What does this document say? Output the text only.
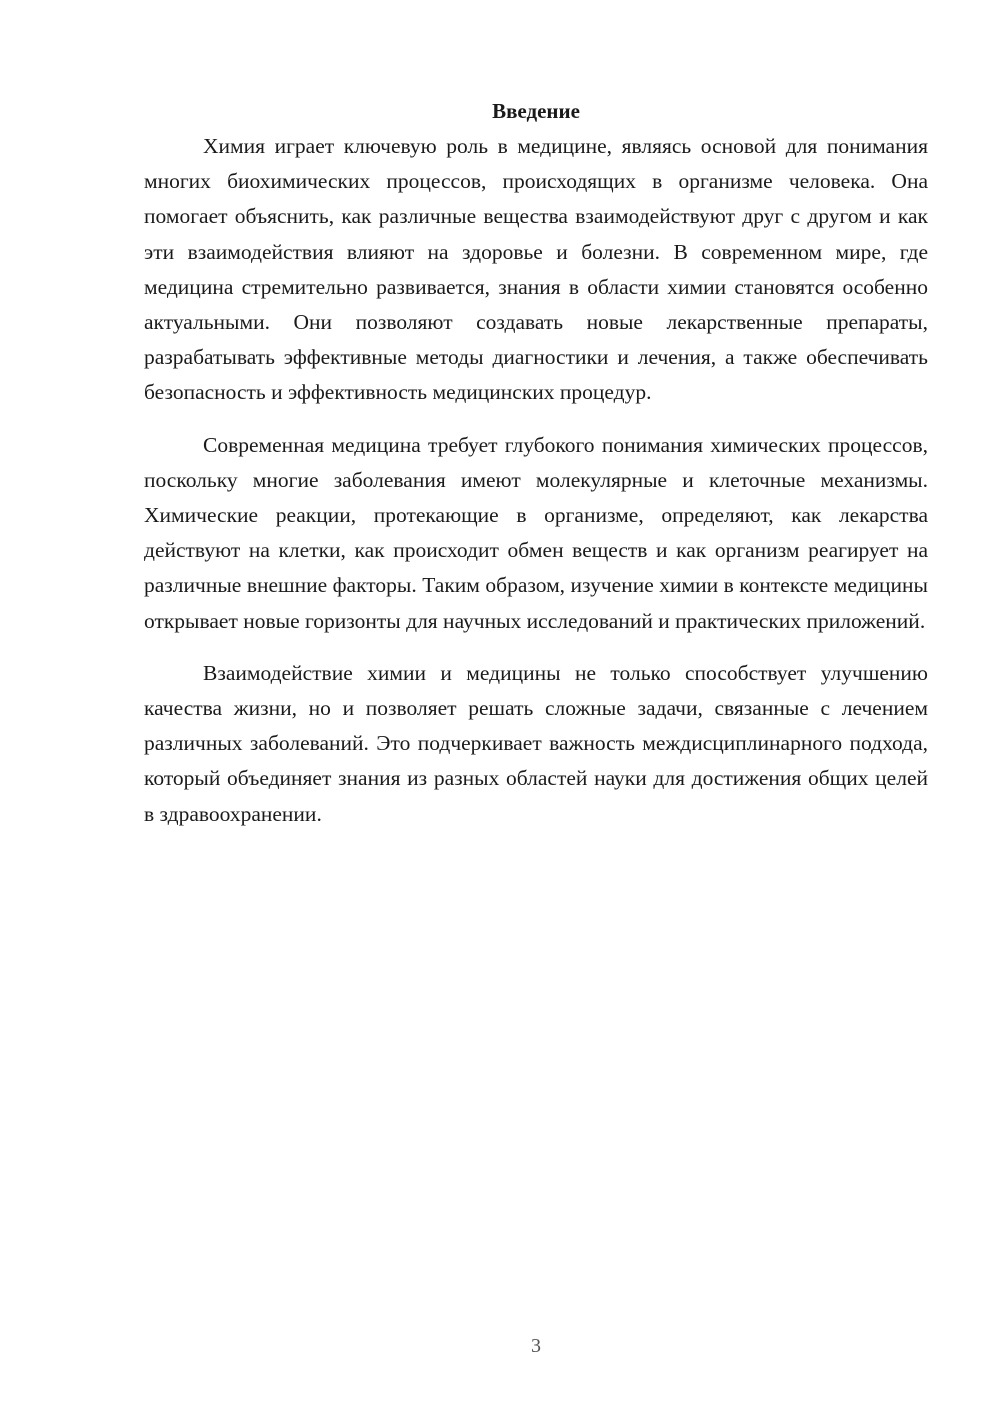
Введение

Химия играет ключевую роль в медицине, являясь основой для понимания многих биохимических процессов, происходящих в организме человека. Она помогает объяснить, как различные вещества взаимодействуют друг с другом и как эти взаимодействия влияют на здоровье и болезни. В современном мире, где медицина стремительно развивается, знания в области химии становятся особенно актуальными. Они позволяют создавать новые лекарственные препараты, разрабатывать эффективные методы диагностики и лечения, а также обеспечивать безопасность и эффективность медицинских процедур.

Современная медицина требует глубокого понимания химических процессов, поскольку многие заболевания имеют молекулярные и клеточные механизмы. Химические реакции, протекающие в организме, определяют, как лекарства действуют на клетки, как происходит обмен веществ и как организм реагирует на различные внешние факторы. Таким образом, изучение химии в контексте медицины открывает новые горизонты для научных исследований и практических приложений.

Взаимодействие химии и медицины не только способствует улучшению качества жизни, но и позволяет решать сложные задачи, связанные с лечением различных заболеваний. Это подчеркивает важность междисциплинарного подхода, который объединяет знания из разных областей науки для достижения общих целей в здравоохранении.

3
